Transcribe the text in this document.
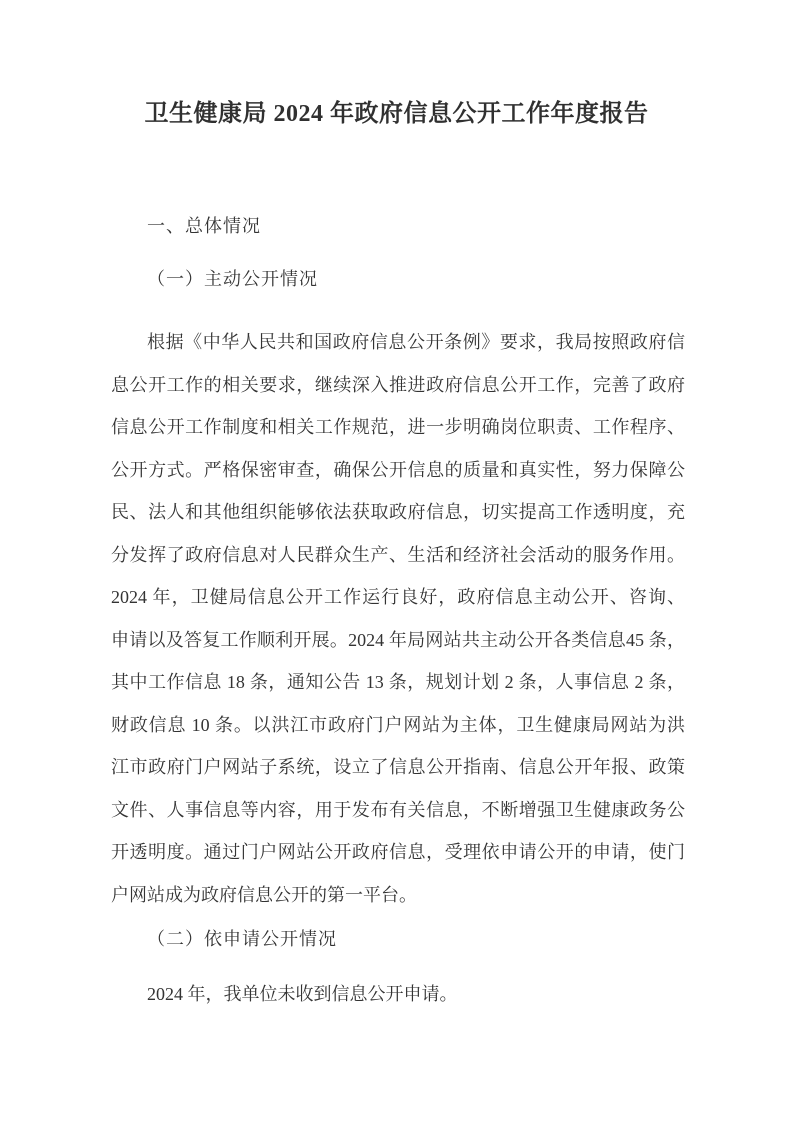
卫生健康局 2024 年政府信息公开工作年度报告
一、总体情况
（一）主动公开情况
根据《中华人民共和国政府信息公开条例》要求，我局按照政府信
息公开工作的相关要求，继续深入推进政府信息公开工作，完善了政府
信息公开工作制度和相关工作规范，进一步明确岗位职责、工作程序、
公开方式。严格保密审查，确保公开信息的质量和真实性，努力保障公
民、法人和其他组织能够依法获取政府信息，切实提高工作透明度，充
分发挥了政府信息对人民群众生产、生活和经济社会活动的服务作用。
2024 年，卫健局信息公开工作运行良好，政府信息主动公开、咨询、
申请以及答复工作顺利开展。2024 年局网站共主动公开各类信息45 条，
其中工作信息 18 条，通知公告 13 条，规划计划 2 条，人事信息 2 条，
财政信息 10 条。以洪江市政府门户网站为主体，卫生健康局网站为洪
江市政府门户网站子系统，设立了信息公开指南、信息公开年报、政策
文件、人事信息等内容，用于发布有关信息，不断增强卫生健康政务公
开透明度。通过门户网站公开政府信息，受理依申请公开的申请，使门
户网站成为政府信息公开的第一平台。
（二）依申请公开情况
2024 年，我单位未收到信息公开申请。
